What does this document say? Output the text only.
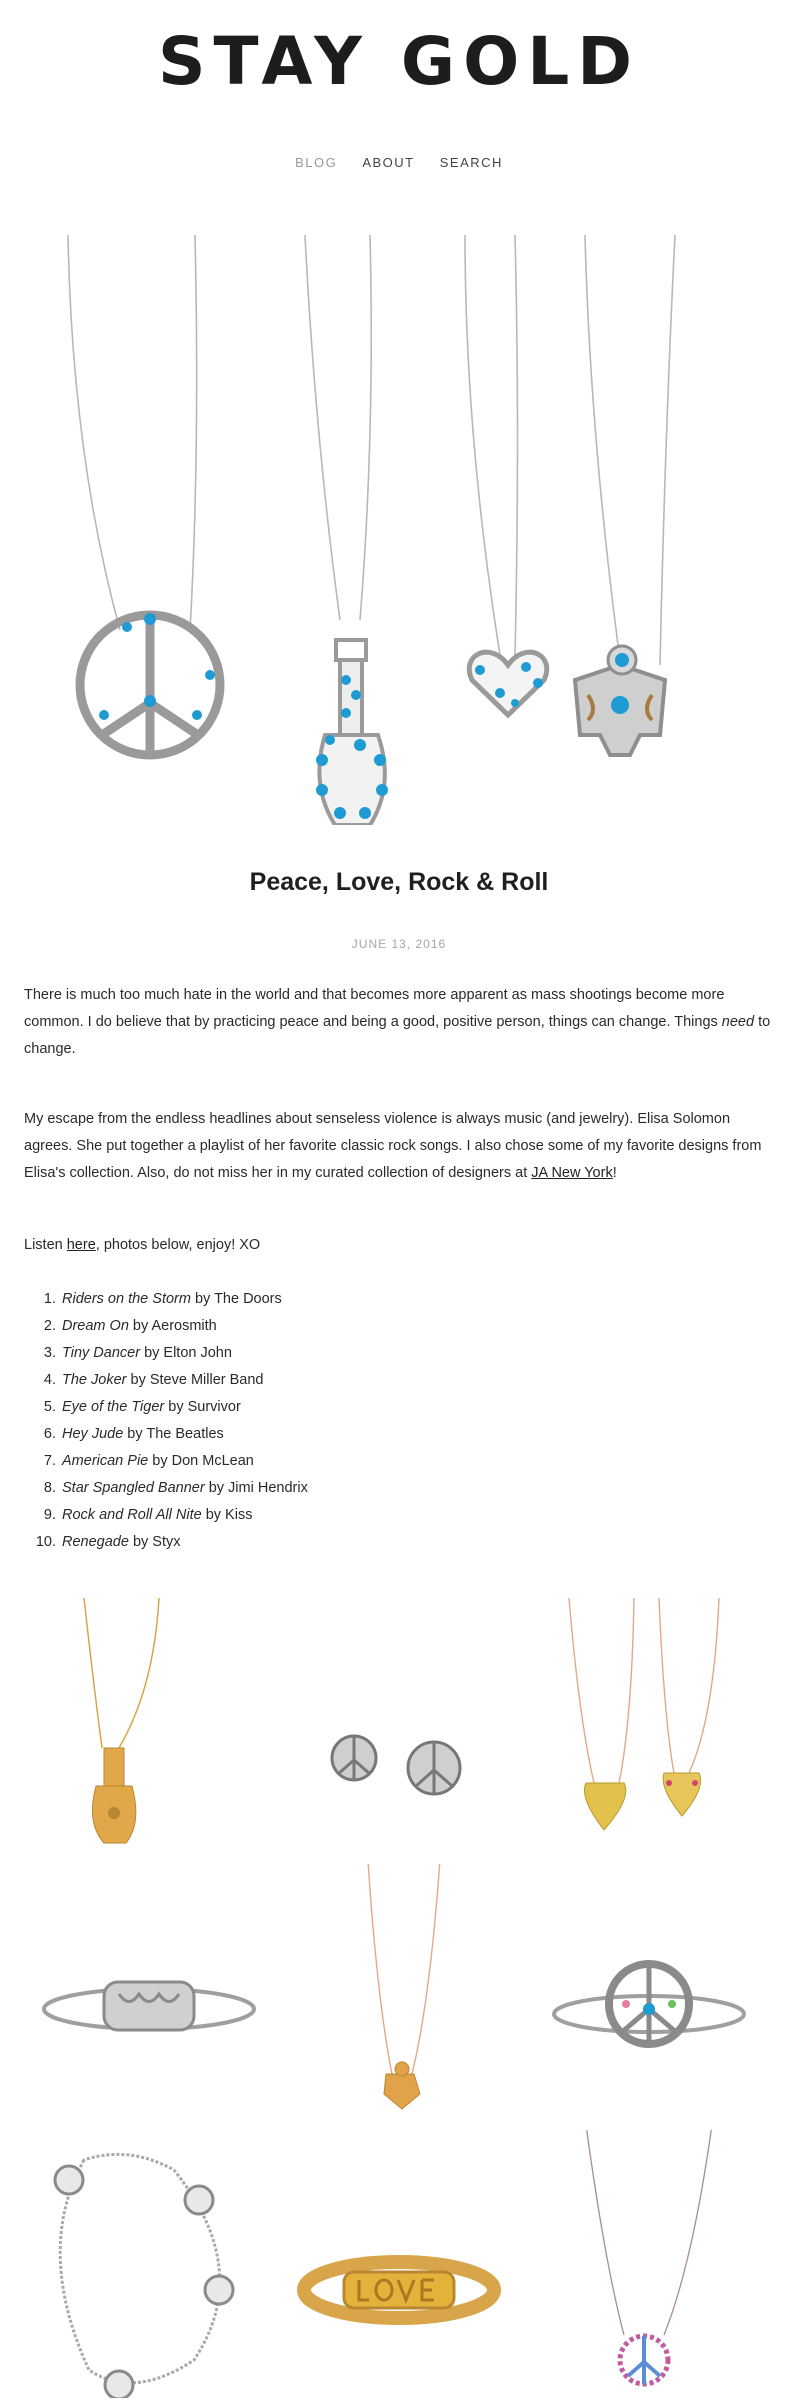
STAY GOLD
BLOG ABOUT SEARCH
Peace, Love, Rock & Roll
JUNE 13, 2016

There is much too much hate in the world and that becomes more apparent as mass shootings become more common. I do believe that by practicing peace and being a good, positive person, things can change. Things need to change.

My escape from the endless headlines about senseless violence is always music (and jewelry). Elisa Solomon agrees. She put together a playlist of her favorite classic rock songs. I also chose some of my favorite designs from Elisa's collection. Also, do not miss her in my curated collection of designers at JA New York!

Listen here, photos below, enjoy! XO

1. Riders on the Storm by The Doors
2. Dream On by Aerosmith
3. Tiny Dancer by Elton John
4. The Joker by Steve Miller Band
5. Eye of the Tiger by Survivor
6. Hey Jude by The Beatles
7. American Pie by Don McLean
8. Star Spangled Banner by Jimi Hendrix
9. Rock and Roll All Nite by Kiss
10. Renegade by Styx
